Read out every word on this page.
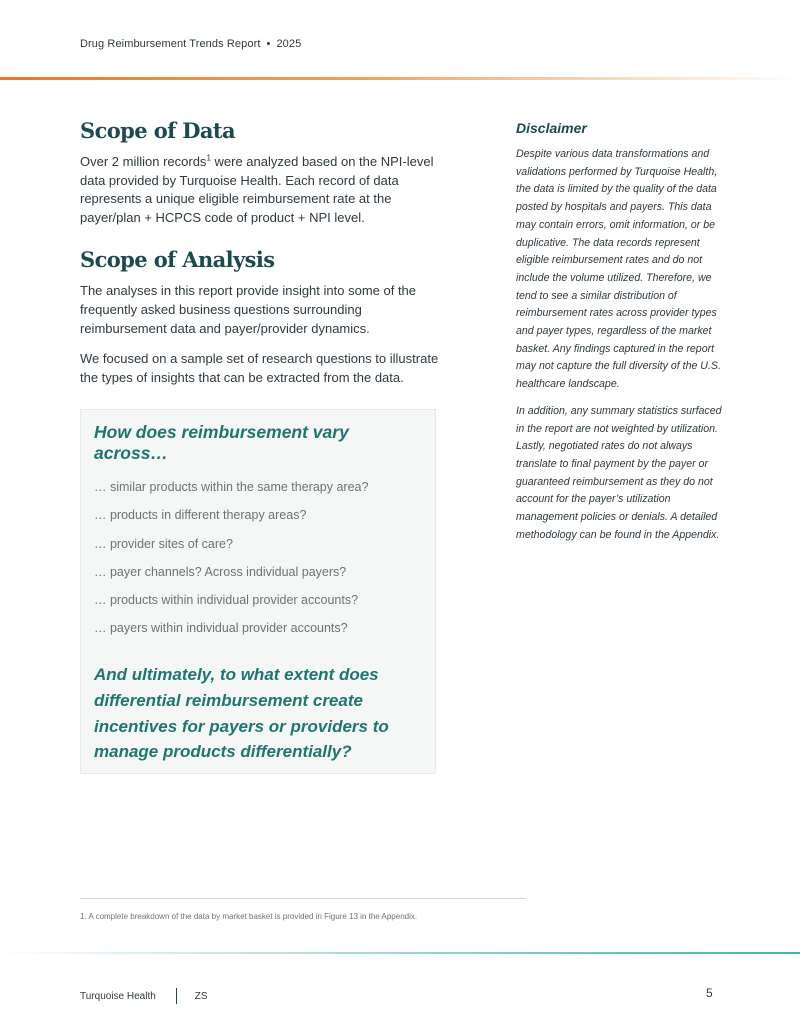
Drug Reimbursement Trends Report • 2025
Scope of Data

Over 2 million records$^1$ were analyzed based on the NPI-level data provided by Turquoise Health. Each record of data represents a unique eligible reimbursement rate at the payer/plan + HCPCS code of product + NPI level.

Scope of Analysis

The analyses in this report provide insight into some of the frequently asked business questions surrounding reimbursement data and payer/provider dynamics.

We focused on a sample set of research questions to illustrate the types of insights that can be extracted from the data.

How does reimbursement vary across…
… similar products within the same therapy area?
… products in different therapy areas?
… provider sites of care?
… payer channels? Across individual payers?
… products within individual provider accounts?
… payers within individual provider accounts?
And ultimately, to what extent does differential reimbursement create incentives for payers or providers to manage products differentially?
Disclaimer

Despite various data transformations and validations performed by Turquoise Health, the data is limited by the quality of the data posted by hospitals and payers. This data may contain errors, omit information, or be duplicative. The data records represent eligible reimbursement rates and do not include the volume utilized. Therefore, we tend to see a similar distribution of reimbursement rates across provider types and payer types, regardless of the market basket. Any findings captured in the report may not capture the full diversity of the U.S. healthcare landscape.

In addition, any summary statistics surfaced in the report are not weighted by utilization. Lastly, negotiated rates do not always translate to final payment by the payer or guaranteed reimbursement as they do not account for the payer’s utilization management policies or denials. A detailed methodology can be found in the Appendix.

1. A complete breakdown of the data by market basket is provided in Figure 13 in the Appendix.
Turquoise Health	ZS	5
